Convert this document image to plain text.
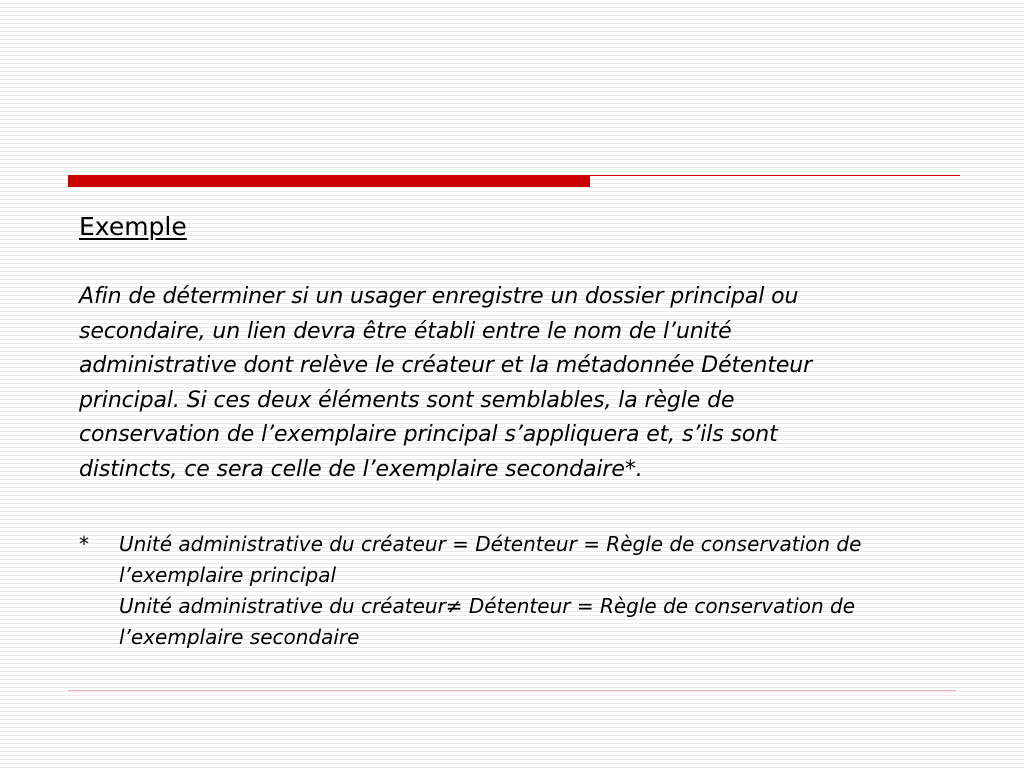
Exemple

Afin de déterminer si un usager enregistre un dossier principal ou
secondaire, un lien devra être établi entre le nom de l’unité
administrative dont relève le créateur et la métadonnée Détenteur
principal. Si ces deux éléments sont semblables, la règle de
conservation de l’exemplaire principal s’appliquera et, s’ils sont
distincts, ce sera celle de l’exemplaire secondaire*.

*	Unité administrative du créateur = Détenteur = Règle de conservation de
l’exemplaire principal
Unité administrative du créateur≠ Détenteur = Règle de conservation de
l’exemplaire secondaire
